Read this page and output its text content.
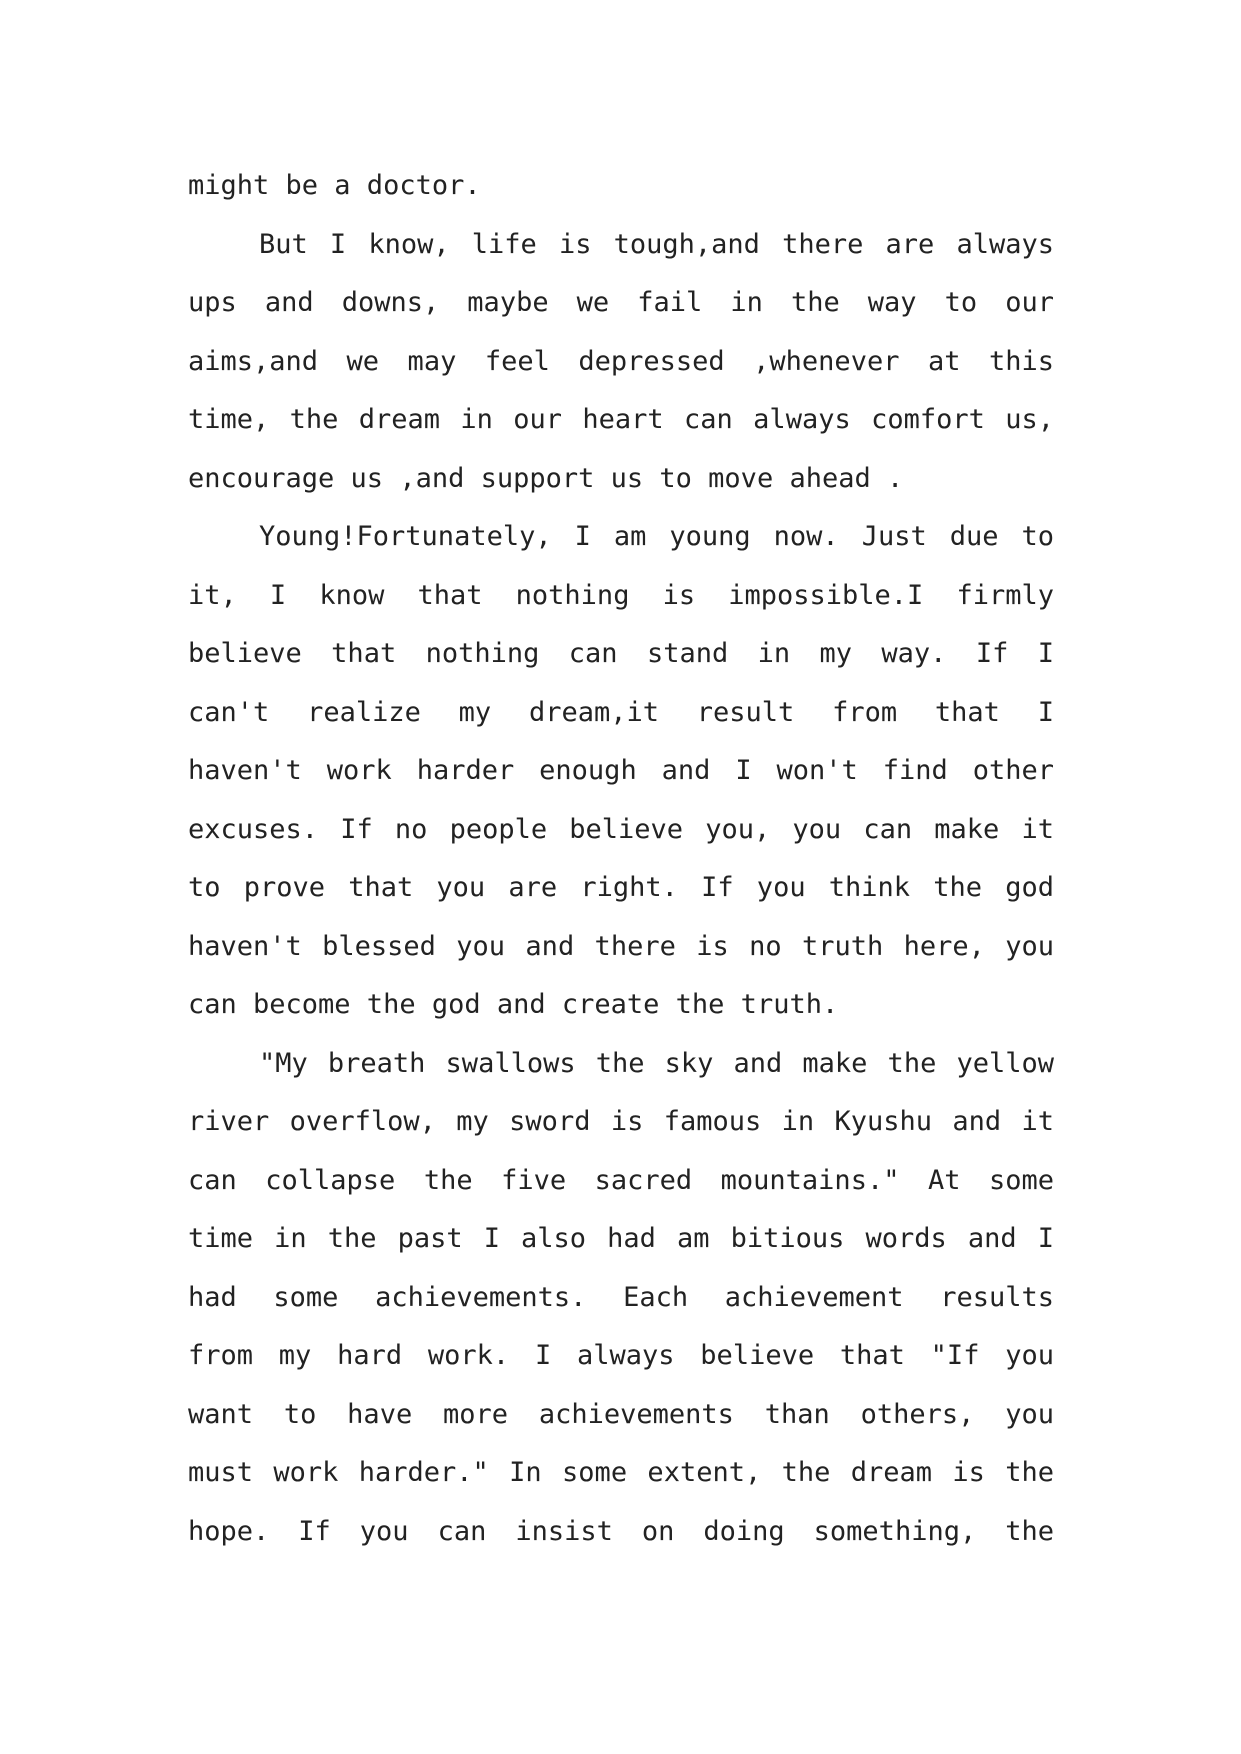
might be a doctor.
But I know, life is tough,and there are always
ups and downs, maybe we fail in the way to our
aims,and we may feel depressed ,whenever at this
time, the dream in our heart can always comfort us,
encourage us ,and support us to move ahead .
Young!Fortunately, I am young now. Just due to
it, I know that nothing is impossible.I firmly
believe that nothing can stand in my way. If I
can't realize my dream,it result from that I
haven't work harder enough and I won't find other
excuses. If no people believe you, you can make it
to prove that you are right. If you think the god
haven't blessed you and there is no truth here, you
can become the god and create the truth.
"My breath swallows the sky and make the yellow
river overflow, my sword is famous in Kyushu and it
can collapse the five sacred mountains." At some
time in the past I also had am bitious words and I
had some achievements. Each achievement results
from my hard work. I always believe that "If you
want to have more achievements than others, you
must work harder." In some extent, the dream is the
hope. If you can insist on doing something, the
